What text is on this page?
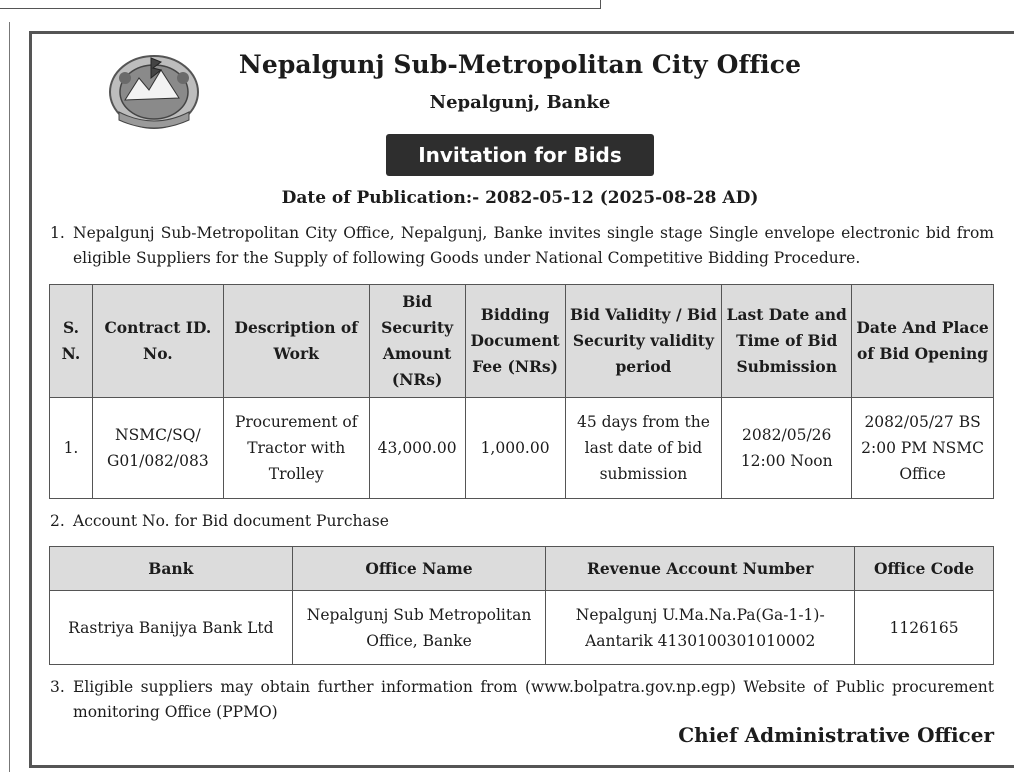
Nepalgunj Sub-Metropolitan City Office
Nepalgunj, Banke
Invitation for Bids
Date of Publication:- 2082-05-12 (2025-08-28 AD)
1. Nepalgunj Sub-Metropolitan City Office, Nepalgunj, Banke invites single stage Single envelope electronic bid from eligible Suppliers for the Supply of following Goods under National Competitive Bidding Procedure.
S. N.	Contract ID. No.	Description of Work	Bid Security Amount (NRs)	Bidding Document Fee (NRs)	Bid Validity / Bid Security validity period	Last Date and Time of Bid Submission	Date And Place of Bid Opening
1.	NSMC/SQ/ G01/082/083	Procurement of Tractor with Trolley	43,000.00	1,000.00	45 days from the last date of bid submission	2082/05/26 12:00 Noon	2082/05/27 BS 2:00 PM NSMC Office
2. Account No. for Bid document Purchase
Bank	Office Name	Revenue Account Number	Office Code
Rastriya Banijya Bank Ltd	Nepalgunj Sub Metropolitan Office, Banke	Nepalgunj U.Ma.Na.Pa(Ga-1-1)- Aantarik 4130100301010002	1126165
3. Eligible suppliers may obtain further information from (www.bolpatra.gov.np.egp) Website of Public procurement monitoring Office (PPMO)
Chief Administrative Officer
